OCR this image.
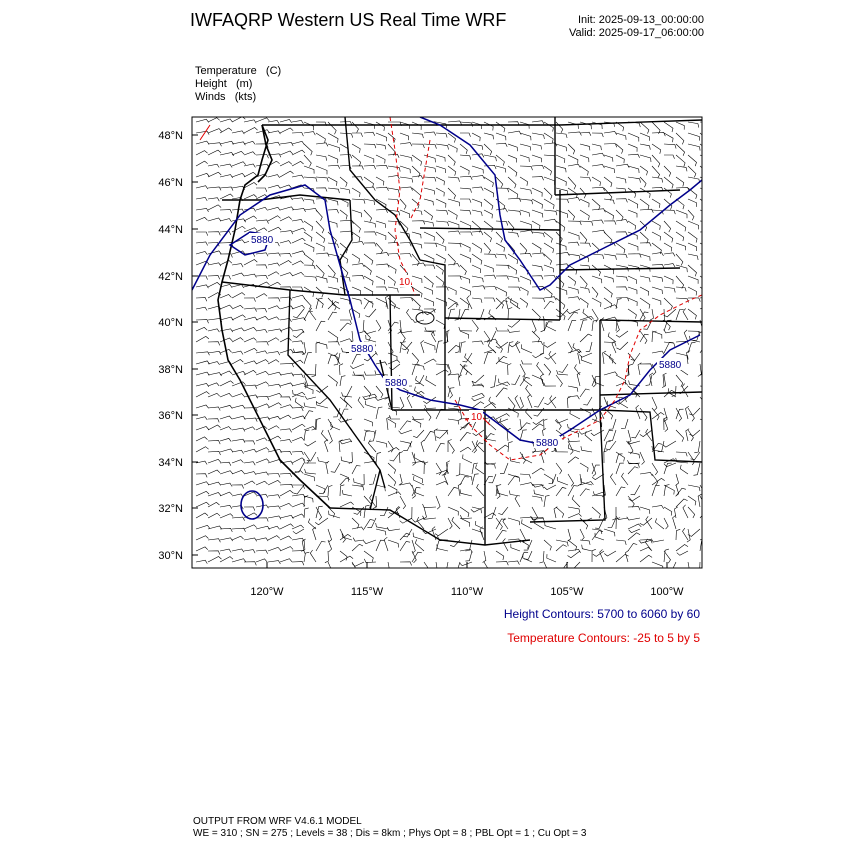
IWFAQRP Western US Real Time WRF	Init: 2025-09-13_00:00:00
Valid: 2025-09-17_06:00:00
Temperature   (C)
Height   (m)
Winds   (kts)
5880
5880
5880
5880
5880
10
10
48°N
46°N
44°N
42°N
40°N
38°N
36°N
34°N
32°N
30°N
120°W	115°W	110°W	105°W	100°W
Height Contours: 5700 to 6060 by 60
Temperature Contours: -25 to 5 by 5
OUTPUT FROM WRF V4.6.1 MODEL
WE = 310 ; SN = 275 ; Levels = 38 ; Dis = 8km ; Phys Opt = 8 ; PBL Opt = 1 ; Cu Opt = 3
